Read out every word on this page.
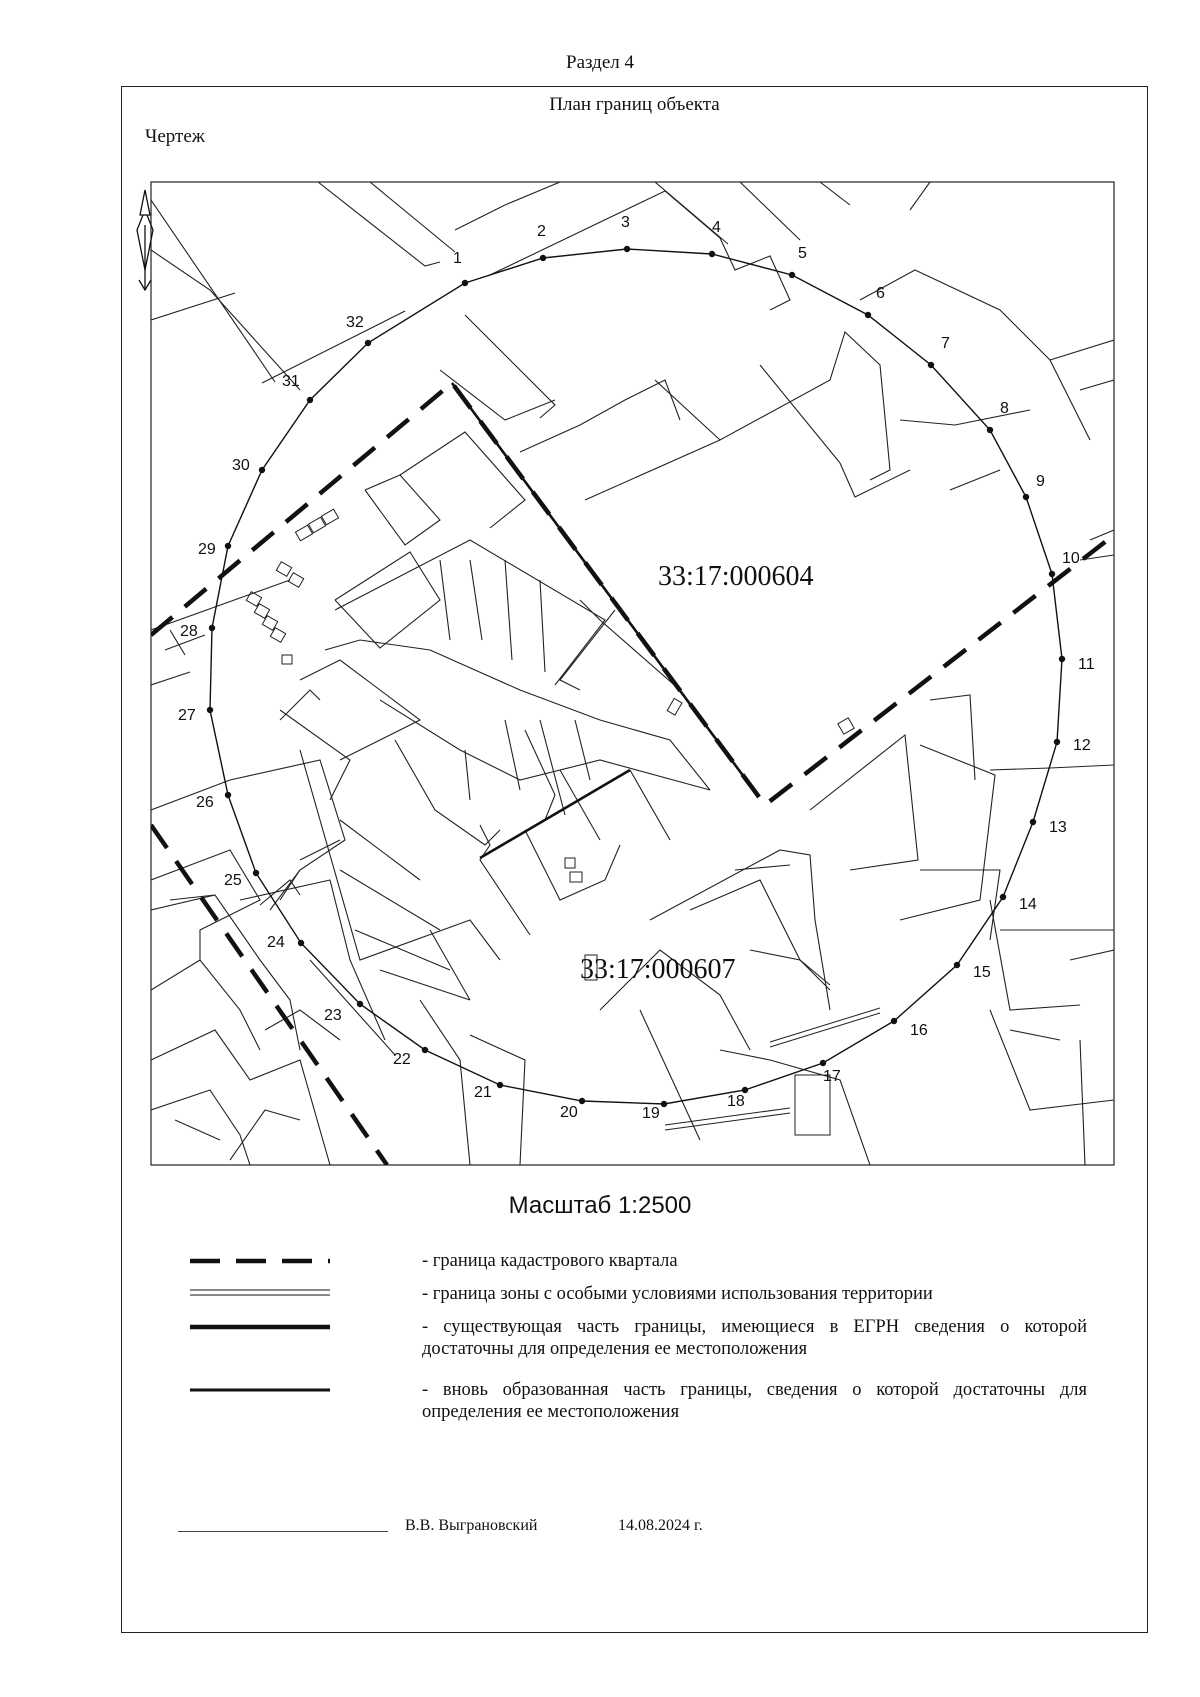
Раздел 4
План границ объекта
Чертеж
1
2
3	4
5
6
7
8
9
10
11
12
13
14
15
16
17
18
19
20
21
22
23
24
25
26
27
28
29
30
31
32
33:17:000604
33:17:000607
Масштаб 1:2500
- граница кадастрового квартала
- граница зоны с особыми условиями использования территории
- существующая часть границы, имеющиеся в ЕГРН сведения о которой достаточны для определения ее местоположения
- вновь образованная часть границы, сведения о которой достаточны для определения ее местоположения
В.В. Выграновский	14.08.2024 г.
